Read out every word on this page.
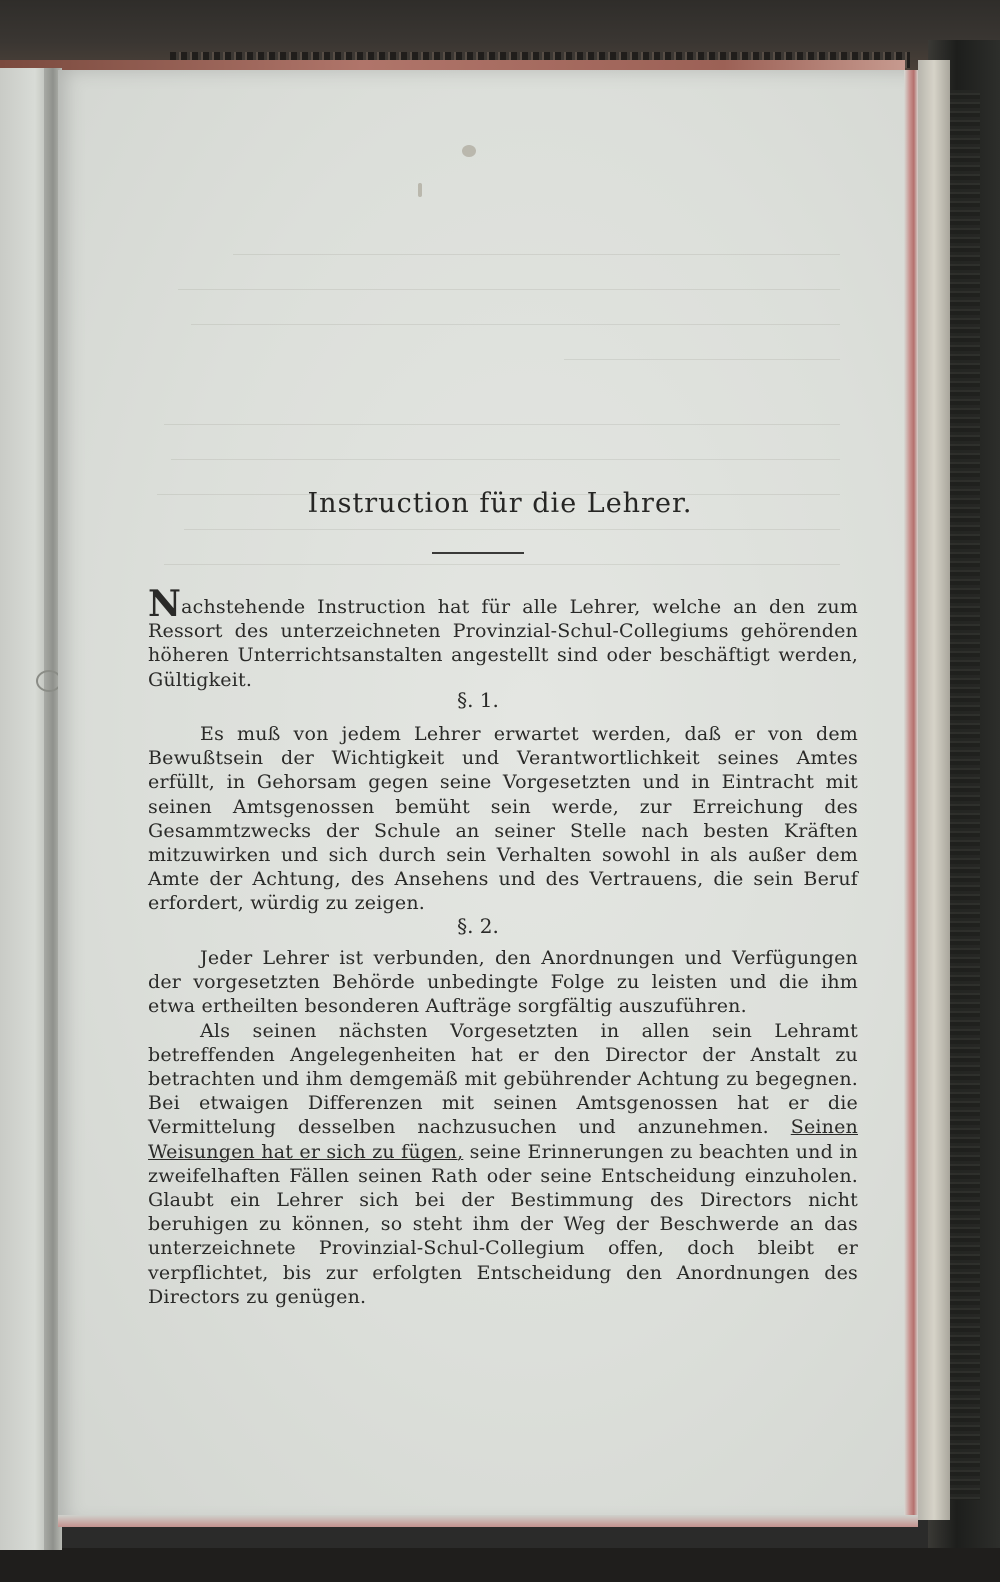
Instruction für die Lehrer.

Nachstehende Instruction hat für alle Lehrer, welche an den zum Ressort des unterzeichneten Provinzial-Schul-Collegiums gehörenden höheren Unterrichtsanstalten angestellt sind oder beschäftigt werden, Gültigkeit.

§. 1.

Es muß von jedem Lehrer erwartet werden, daß er von dem Bewußtsein der Wichtigkeit und Verantwortlichkeit seines Amtes erfüllt, in Gehorsam gegen seine Vorgesetzten und in Eintracht mit seinen Amtsgenossen bemüht sein werde, zur Erreichung des Gesammtzwecks der Schule an seiner Stelle nach besten Kräften mitzuwirken und sich durch sein Verhalten sowohl in als außer dem Amte der Achtung, des Ansehens und des Vertrauens, die sein Beruf erfordert, würdig zu zeigen.

§. 2.

Jeder Lehrer ist verbunden, den Anordnungen und Verfügungen der vorgesetzten Behörde unbedingte Folge zu leisten und die ihm etwa ertheilten besonderen Aufträge sorgfältig auszuführen.

Als seinen nächsten Vorgesetzten in allen sein Lehramt betreffenden Angelegenheiten hat er den Director der Anstalt zu betrachten und ihm demgemäß mit gebührender Achtung zu begegnen. Bei etwaigen Differenzen mit seinen Amtsgenossen hat er die Vermittelung desselben nachzusuchen und anzunehmen. Seinen Weisungen hat er sich zu fügen, seine Erinnerungen zu beachten und in zweifelhaften Fällen seinen Rath oder seine Entscheidung einzuholen. Glaubt ein Lehrer sich bei der Bestimmung des Directors nicht beruhigen zu können, so steht ihm der Weg der Beschwerde an das unterzeichnete Provinzial-Schul-Collegium offen, doch bleibt er verpflichtet, bis zur erfolgten Entscheidung den Anordnungen des Directors zu genügen.
